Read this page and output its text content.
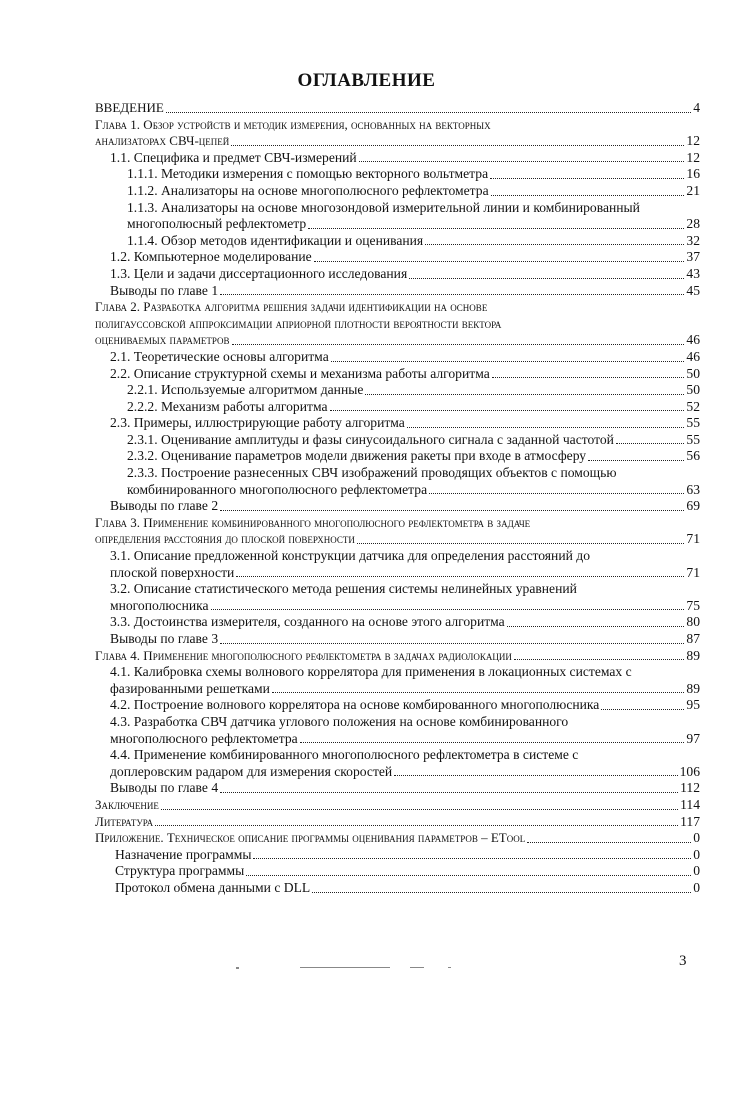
ОГЛАВЛЕНИЕ
ВВЕДЕНИЕ	4
Глава 1. Обзор устройств и методик измерения, основанных на векторных
анализаторах СВЧ-цепей	12
1.1. Специфика и предмет СВЧ-измерений	12
1.1.1. Методики измерения с помощью векторного вольтметра	16
1.1.2. Анализаторы на основе многополюсного рефлектометра	21
1.1.3. Анализаторы на основе многозондовой измерительной линии и комбинированный
многополюсный рефлектометр	28
1.1.4. Обзор методов идентификации и оценивания	32
1.2. Компьютерное моделирование	37
1.3. Цели и задачи диссертационного исследования	43
Выводы по главе 1	45
Глава 2. Разработка алгоритма решения задачи идентификации на основе
полигауссовской аппроксимации априорной плотности вероятности вектора
оцениваемых параметров	46
2.1. Теоретические основы алгоритма	46
2.2. Описание структурной схемы и механизма работы алгоритма	50
2.2.1. Используемые алгоритмом данные	50
2.2.2. Механизм работы алгоритма	52
2.3. Примеры, иллюстрирующие работу алгоритма	55
2.3.1. Оценивание амплитуды и фазы синусоидального сигнала с заданной частотой	55
2.3.2. Оценивание параметров модели движения ракеты при входе в атмосферу	56
2.3.3. Построение разнесенных СВЧ изображений проводящих объектов с помощью
комбинированного многополюсного рефлектометра	63
Выводы по главе 2	69
Глава 3. Применение комбинированного многополюсного рефлектометра в задаче
определения расстояния до плоской поверхности	71
3.1. Описание предложенной конструкции датчика для определения расстояний до
плоской поверхности	71
3.2. Описание статистического метода решения системы нелинейных уравнений
многополюсника	75
3.3. Достоинства измерителя, созданного на основе этого алгоритма	80
Выводы по главе 3	87
Глава 4. Применение многополюсного рефлектометра в задачах радиолокации	89
4.1. Калибровка схемы волнового коррелятора для применения в локационных системах с
фазированными решетками	89
4.2. Построение волнового коррелятора на основе комбированного многополюсника	95
4.3. Разработка СВЧ датчика углового положения на основе комбинированного
многополюсного рефлектометра	97
4.4. Применение комбинированного многополюсного рефлектометра в системе с
доплеровским радаром для измерения скоростей	106
Выводы по главе 4	112
Заключение	114
Литература	117
Приложение. Техническое описание программы оценивания параметров – ETool	0
Назначение программы	0
Структура программы	0
Протокол обмена данными с DLL	0
3
